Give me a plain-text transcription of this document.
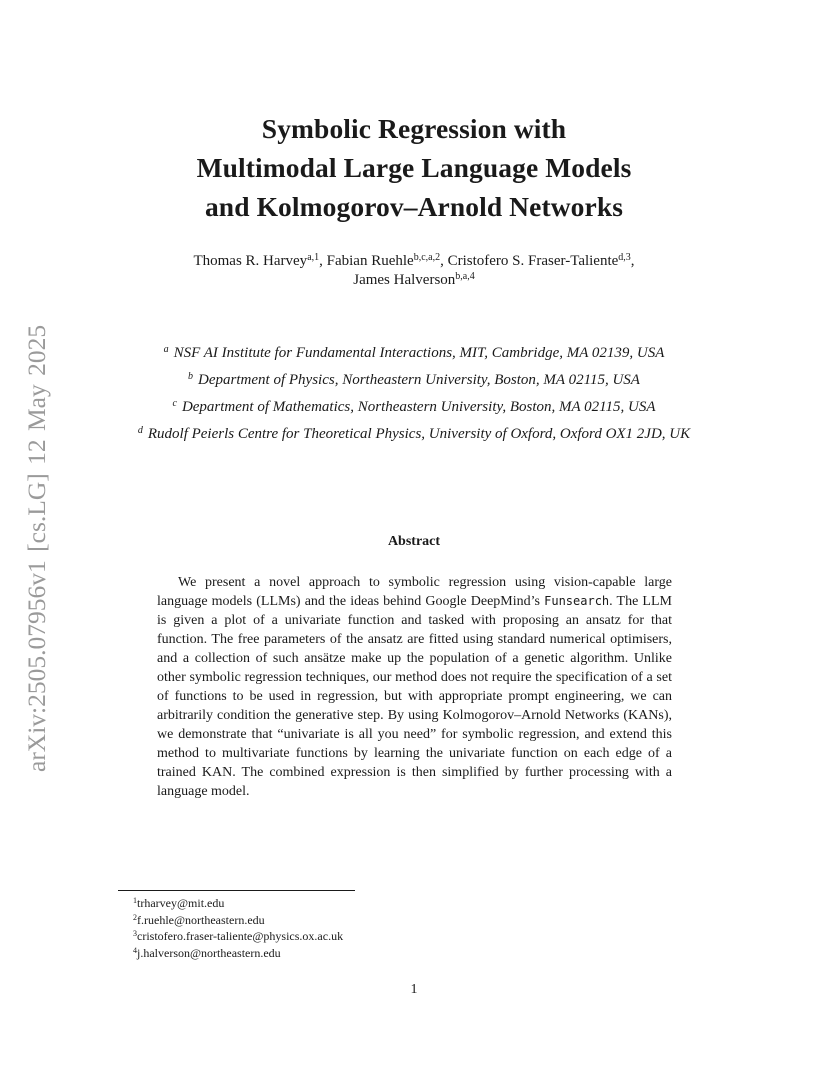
arXiv:2505.07956v1 [cs.LG] 12 May 2025
Symbolic Regression with
Multimodal Large Language Models
and Kolmogorov–Arnold Networks
Thomas R. Harvey$^{a,1}$, Fabian Ruehle$^{b,c,a,2}$, Cristofero S. Fraser-Taliente$^{d,3}$,
James Halverson$^{b,a,4}$
$^a$ NSF AI Institute for Fundamental Interactions, MIT, Cambridge, MA 02139, USA
$^b$ Department of Physics, Northeastern University, Boston, MA 02115, USA
$^c$ Department of Mathematics, Northeastern University, Boston, MA 02115, USA
$^d$ Rudolf Peierls Centre for Theoretical Physics, University of Oxford, Oxford OX1 2JD, UK
Abstract

We present a novel approach to symbolic regression using vision-capable large language models (LLMs) and the ideas behind Google DeepMind’s Funsearch. The LLM is given a plot of a univariate function and tasked with proposing an ansatz for that function. The free parameters of the ansatz are fitted using standard numerical optimisers, and a collection of such ansätze make up the population of a genetic algorithm. Unlike other symbolic regression techniques, our method does not require the specification of a set of functions to be used in regression, but with appropriate prompt engineering, we can arbitrarily condition the generative step. By using Kolmogorov–Arnold Networks (KANs), we demonstrate that “univariate is all you need” for symbolic regression, and extend this method to multivariate functions by learning the univariate function on each edge of a trained KAN. The combined expression is then simplified by further processing with a language model.

$^1$trharvey@mit.edu
$^2$f.ruehle@northeastern.edu
$^3$cristofero.fraser-taliente@physics.ox.ac.uk
$^4$j.halverson@northeastern.edu
1
